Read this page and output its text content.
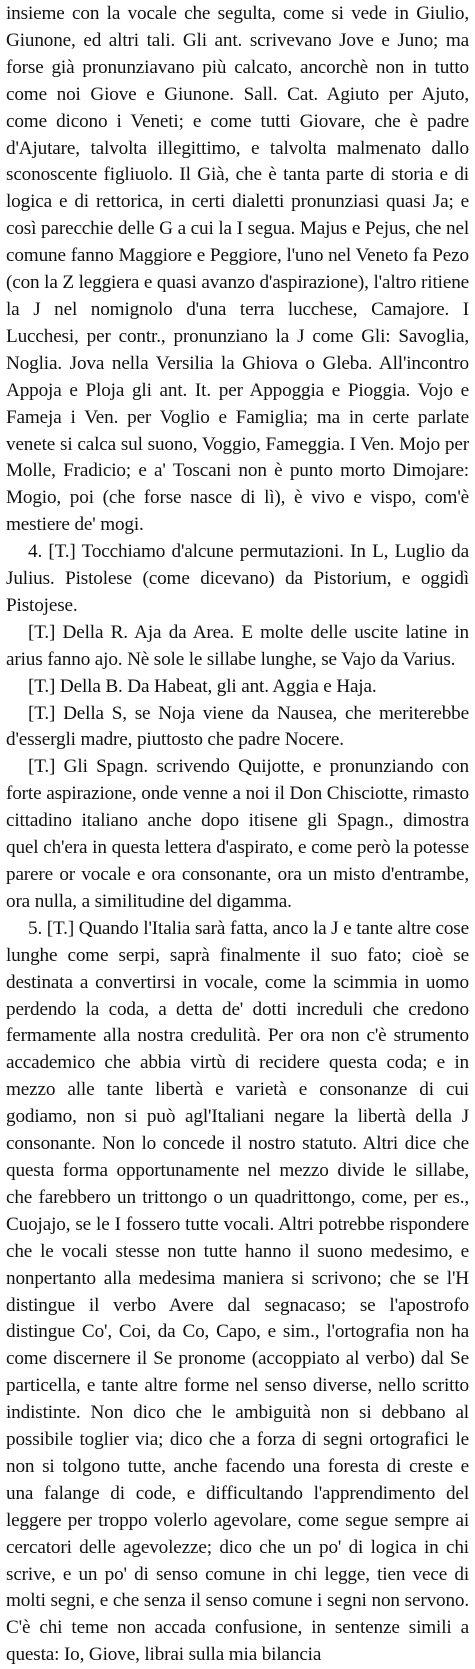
insieme con la vocale che segulta, come si vede in Giulio, Giunone, ed altri tali. Gli ant. scrivevano Jove e Juno; ma forse già pronunziavano più calcato, ancorchè non in tutto come noi Giove e Giunone. Sall. Cat. Agiuto per Ajuto, come dicono i Veneti; e come tutti Giovare, che è padre d'Ajutare, talvolta illegittimo, e talvolta malmenato dallo sconoscente figliuolo. Il Già, che è tanta parte di storia e di logica e di rettorica, in certi dialetti pronunziasi quasi Ja; e così parecchie delle G a cui la I segua. Majus e Pejus, che nel comune fanno Maggiore e Peggiore, l'uno nel Veneto fa Pezo (con la Z leggiera e quasi avanzo d'aspirazione), l'altro ritiene la J nel nomignolo d'una terra lucchese, Camajore. I Lucchesi, per contr., pronunziano la J come Gli: Savoglia, Noglia. Jova nella Versilia la Ghiova o Gleba. All'incontro Appoja e Ploja gli ant. It. per Appoggia e Pioggia. Vojo e Fameja i Ven. per Voglio e Famiglia; ma in certe parlate venete si calca sul suono, Voggio, Fameggia. I Ven. Mojo per Molle, Fradicio; e a' Toscani non è punto morto Dimojare: Mogio, poi (che forse nasce di lì), è vivo e vispo, com'è mestiere de' mogi.

4. [T.] Tocchiamo d'alcune permutazioni. In L, Luglio da Julius. Pistolese (come dicevano) da Pistorium, e oggidì Pistojese.

[T.] Della R. Aja da Area. E molte delle uscite latine in arius fanno ajo. Nè sole le sillabe lunghe, se Vajo da Varius.

[T.] Della B. Da Habeat, gli ant. Aggia e Haja.

[T.] Della S, se Noja viene da Nausea, che meriterebbe d'essergli madre, piuttosto che padre Nocere.

[T.] Gli Spagn. scrivendo Quijotte, e pronunziando con forte aspirazione, onde venne a noi il Don Chisciotte, rimasto cittadino italiano anche dopo itisene gli Spagn., dimostra quel ch'era in questa lettera d'aspirato, e come però la potesse parere or vocale e ora consonante, ora un misto d'entrambe, ora nulla, a similitudine del digamma.

5. [T.] Quando l'Italia sarà fatta, anco la J e tante altre cose lunghe come serpi, saprà finalmente il suo fato; cioè se destinata a convertirsi in vocale, come la scimmia in uomo perdendo la coda, a detta de' dotti increduli che credono fermamente alla nostra credulità. Per ora non c'è strumento accademico che abbia virtù di recidere questa coda; e in mezzo alle tante libertà e varietà e consonanze di cui godiamo, non si può agl'Italiani negare la libertà della J consonante. Non lo concede il nostro statuto. Altri dice che questa forma opportunamente nel mezzo divide le sillabe, che farebbero un trittongo o un quadrittongo, come, per es., Cuojajo, se le I fossero tutte vocali. Altri potrebbe rispondere che le vocali stesse non tutte hanno il suono medesimo, e nonpertanto alla medesima maniera si scrivono; che se l'H distingue il verbo Avere dal segnacaso; se l'apostrofo distingue Co', Coi, da Co, Capo, e sim., l'ortografia non ha come discernere il Se pronome (accoppiato al verbo) dal Se particella, e tante altre forme nel senso diverse, nello scritto indistinte. Non dico che le ambiguità non si debbano al possibile toglier via; dico che a forza di segni ortografici le non si tolgono tutte, anche facendo una foresta di creste e una falange di code, e difficultando l'apprendimento del leggere per troppo volerlo agevolare, come segue sempre ai cercatori delle agevolezze; dico che un po' di logica in chi scrive, e un po' di senso comune in chi legge, tien vece di molti segni, e che senza il senso comune i segni non servono. C'è chi teme non accada confusione, in sentenze simili a questa: Io, Giove, librai sulla mia bilancia
